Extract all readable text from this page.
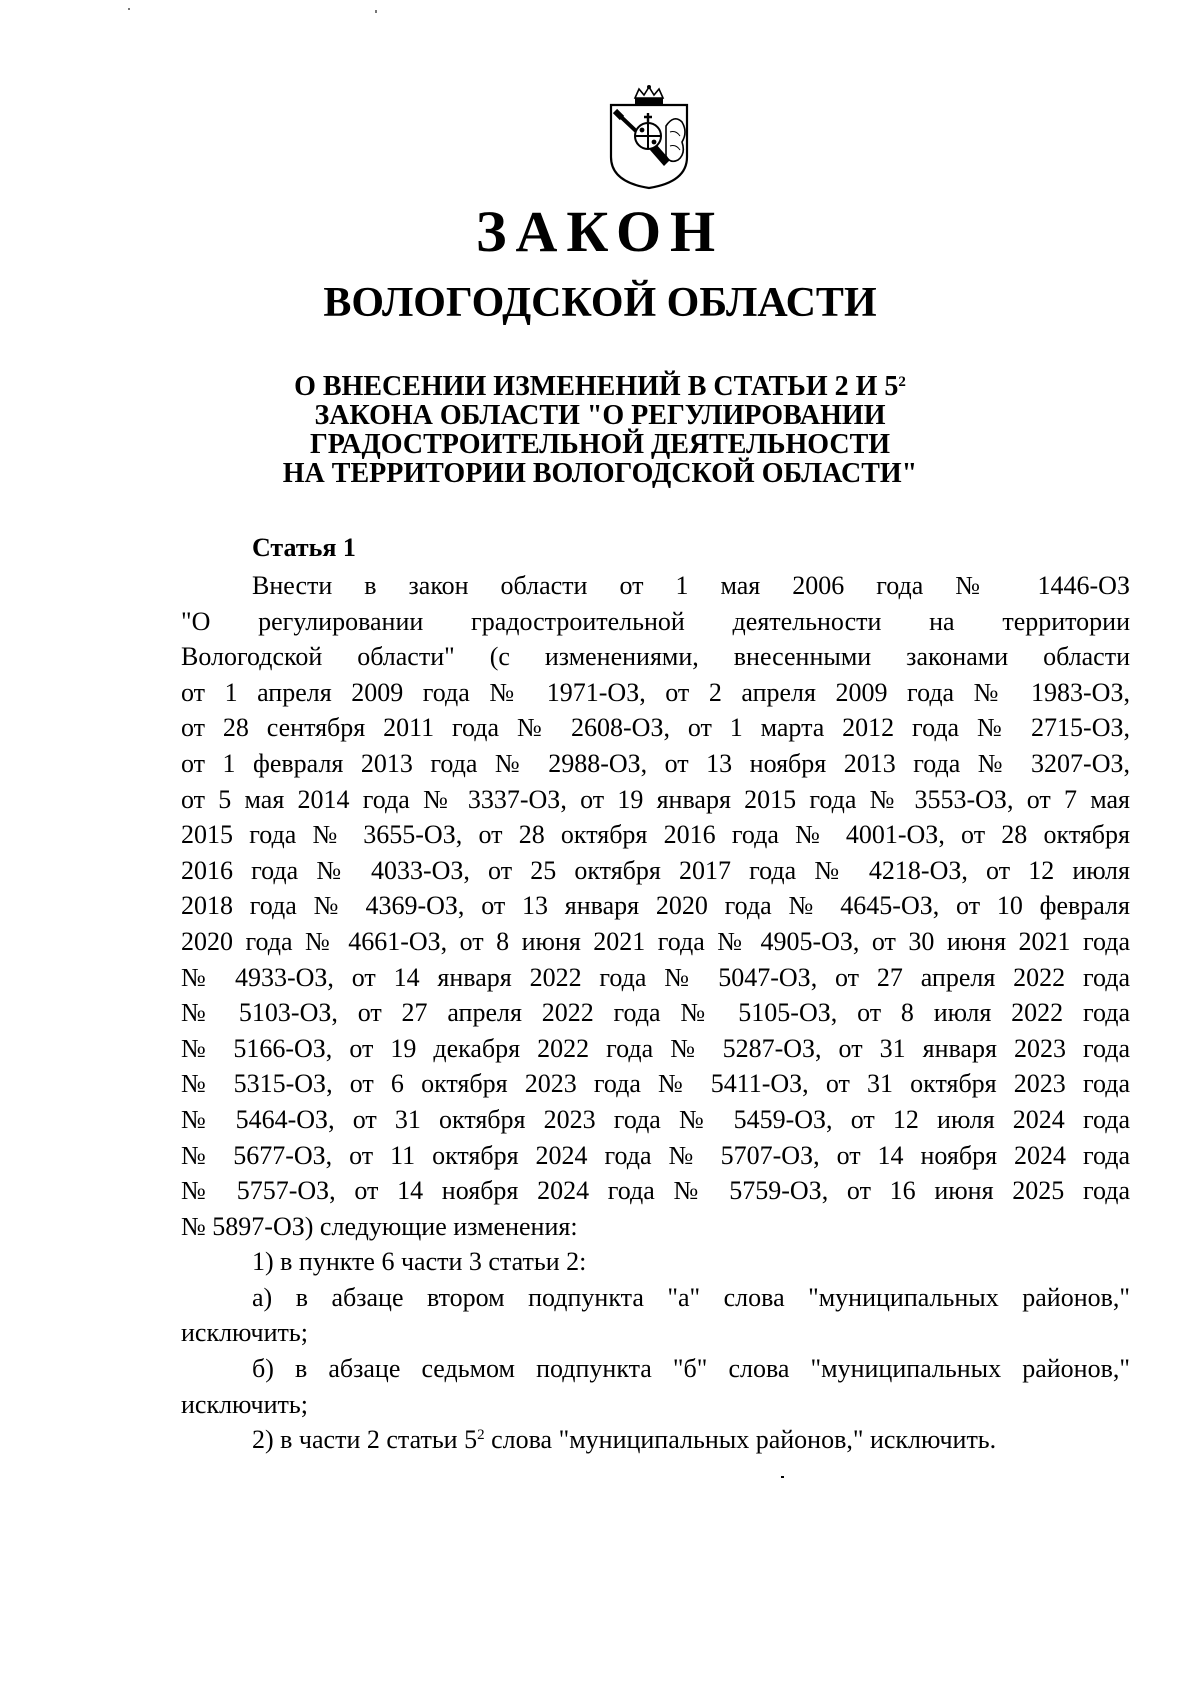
ЗАКОН
ВОЛОГОДСКОЙ ОБЛАСТИ
О ВНЕСЕНИИ ИЗМЕНЕНИЙ В СТАТЬИ 2 И $5^2$
ЗАКОНА ОБЛАСТИ "О РЕГУЛИРОВАНИИ
ГРАДОСТРОИТЕЛЬНОЙ ДЕЯТЕЛЬНОСТИ
НА ТЕРРИТОРИИ ВОЛОГОДСКОЙ ОБЛАСТИ"
Статья 1
Внести в закон области от 1 мая 2006 года № 1446-ОЗ
"О регулировании градостроительной деятельности на территории
Вологодской области" (с изменениями, внесенными законами области
от 1 апреля 2009 года № 1971-ОЗ, от 2 апреля 2009 года № 1983-ОЗ,
от 28 сентября 2011 года № 2608-ОЗ, от 1 марта 2012 года № 2715-ОЗ,
от 1 февраля 2013 года № 2988-ОЗ, от 13 ноября 2013 года № 3207-ОЗ,
от 5 мая 2014 года № 3337-ОЗ, от 19 января 2015 года № 3553-ОЗ, от 7 мая
2015 года № 3655-ОЗ, от 28 октября 2016 года № 4001-ОЗ, от 28 октября
2016 года № 4033-ОЗ, от 25 октября 2017 года № 4218-ОЗ, от 12 июля
2018 года № 4369-ОЗ, от 13 января 2020 года № 4645-ОЗ, от 10 февраля
2020 года № 4661-ОЗ, от 8 июня 2021 года № 4905-ОЗ, от 30 июня 2021 года
№ 4933-ОЗ, от 14 января 2022 года № 5047-ОЗ, от 27 апреля 2022 года
№ 5103-ОЗ, от 27 апреля 2022 года № 5105-ОЗ, от 8 июля 2022 года
№ 5166-ОЗ, от 19 декабря 2022 года № 5287-ОЗ, от 31 января 2023 года
№ 5315-ОЗ, от 6 октября 2023 года № 5411-ОЗ, от 31 октября 2023 года
№ 5464-ОЗ, от 31 октября 2023 года № 5459-ОЗ, от 12 июля 2024 года
№ 5677-ОЗ, от 11 октября 2024 года № 5707-ОЗ, от 14 ноября 2024 года
№ 5757-ОЗ, от 14 ноября 2024 года № 5759-ОЗ, от 16 июня 2025 года
№ 5897-ОЗ) следующие изменения:
1) в пункте 6 части 3 статьи 2:
а) в абзаце втором подпункта "а" слова "муниципальных районов,"
исключить;
б) в абзаце седьмом подпункта "б" слова "муниципальных районов,"
исключить;
2) в части 2 статьи $5^2$ слова "муниципальных районов," исключить.
